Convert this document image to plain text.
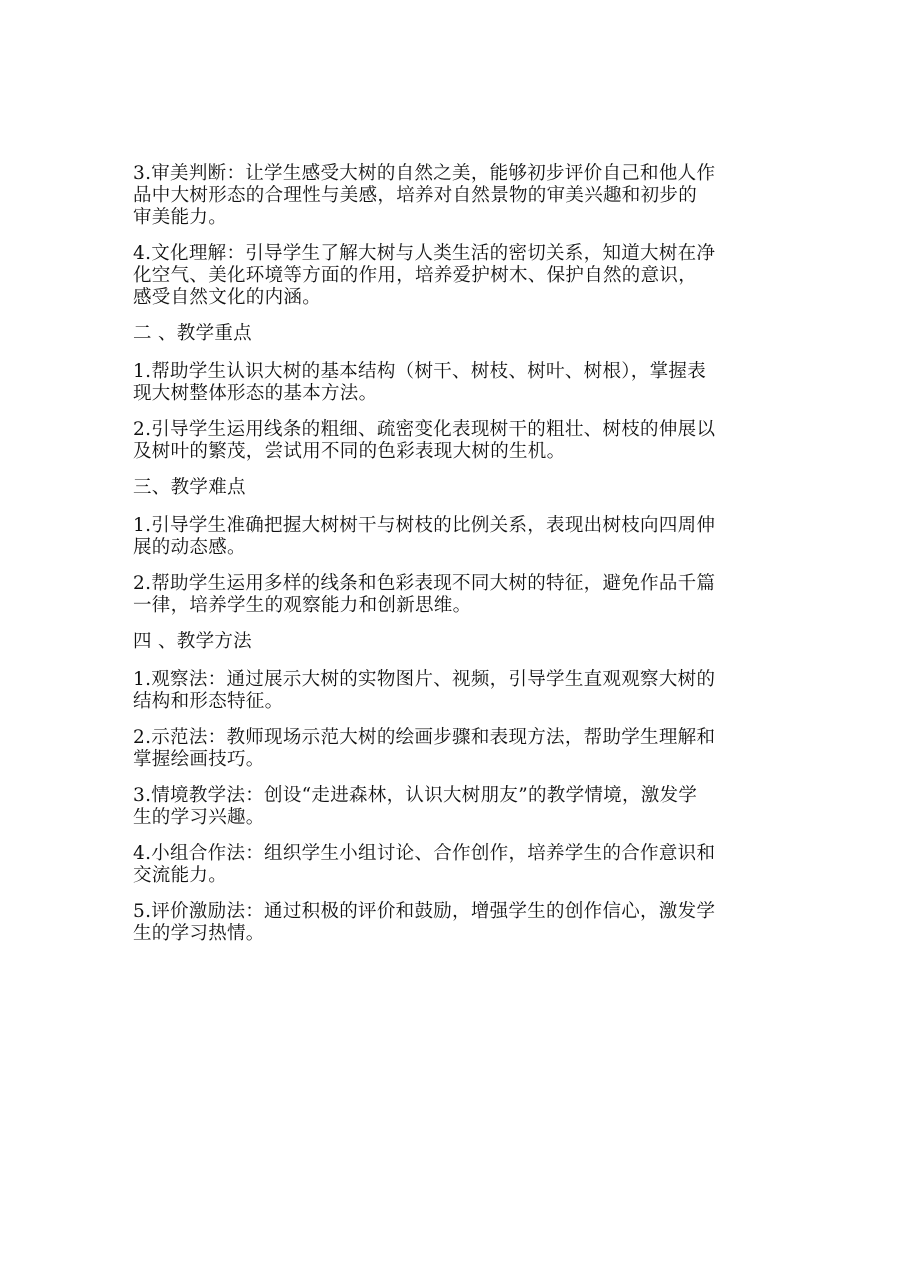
3.审美判断：让学生感受大树的自然之美，能够初步评价自己和他人作
品中大树形态的合理性与美感，培养对自然景物的审美兴趣和初步的
审美能力。
4.文化理解：引导学生了解大树与人类生活的密切关系，知道大树在净
化空气、美化环境等方面的作用，培养爱护树木、保护自然的意识，
感受自然文化的内涵。
二 、教学重点
1.帮助学生认识大树的基本结构（树干、树枝、树叶、树根），掌握表
现大树整体形态的基本方法。
2.引导学生运用线条的粗细、疏密变化表现树干的粗壮、树枝的伸展以
及树叶的繁茂，尝试用不同的色彩表现大树的生机。
三、教学难点
1.引导学生准确把握大树树干与树枝的比例关系，表现出树枝向四周伸
展的动态感。
2.帮助学生运用多样的线条和色彩表现不同大树的特征，避免作品千篇
一律，培养学生的观察能力和创新思维。
四 、教学方法
1.观察法：通过展示大树的实物图片、视频，引导学生直观观察大树的
结构和形态特征。
2.示范法：教师现场示范大树的绘画步骤和表现方法，帮助学生理解和
掌握绘画技巧。
3.情境教学法：创设“走进森林，认识大树朋友”的教学情境，激发学
生的学习兴趣。
4.小组合作法：组织学生小组讨论、合作创作，培养学生的合作意识和
交流能力。
5.评价激励法：通过积极的评价和鼓励，增强学生的创作信心，激发学
生的学习热情。
